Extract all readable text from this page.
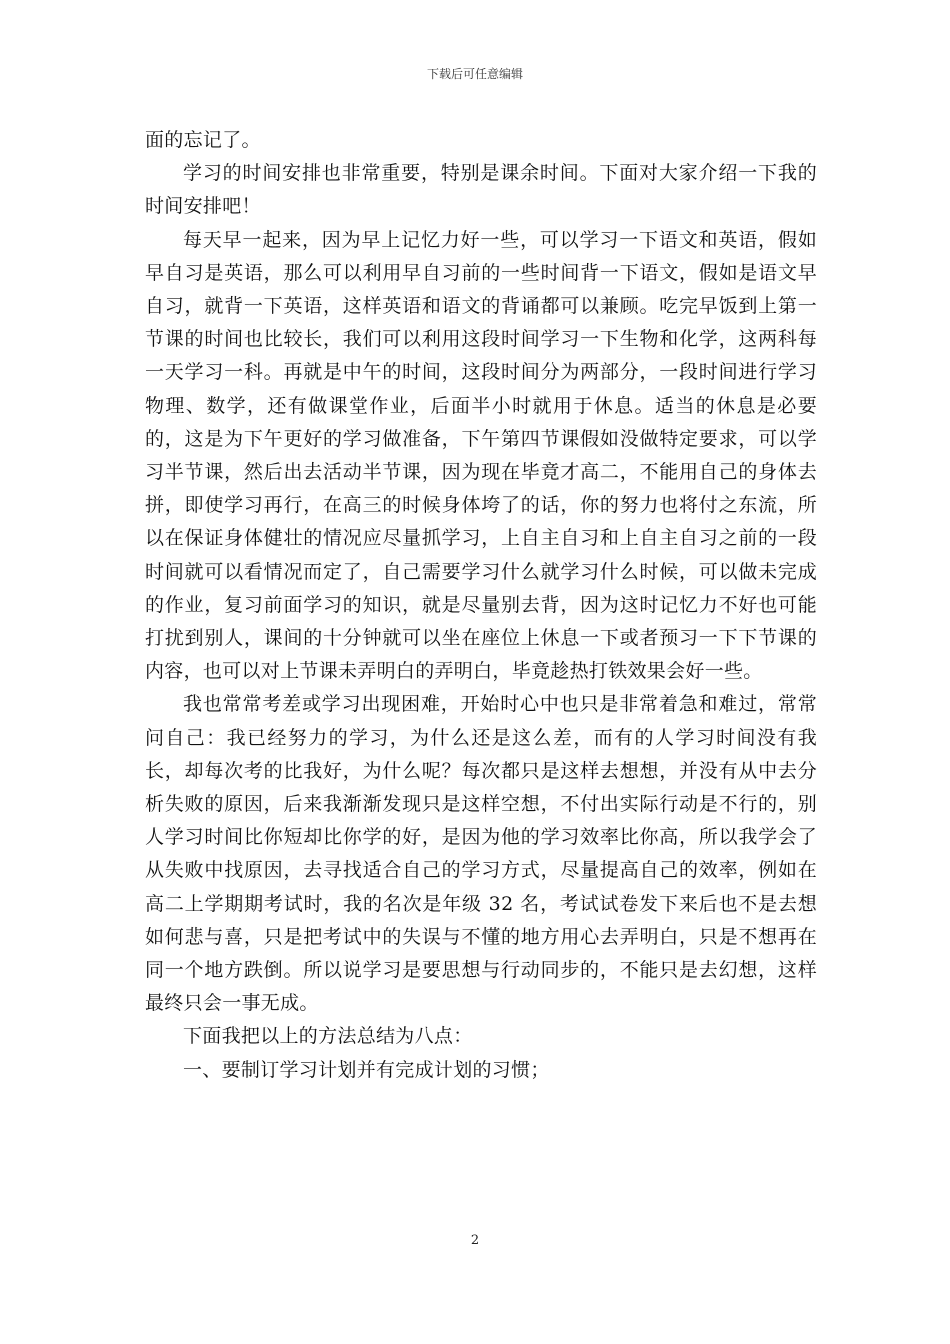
下载后可任意编辑

面的忘记了。

学习的时间安排也非常重要，特别是课余时间。下面对大家介绍一下我的时间安排吧！

每天早一起来，因为早上记忆力好一些，可以学习一下语文和英语，假如早自习是英语，那么可以利用早自习前的一些时间背一下语文，假如是语文早自习，就背一下英语，这样英语和语文的背诵都可以兼顾。吃完早饭到上第一节课的时间也比较长，我们可以利用这段时间学习一下生物和化学，这两科每一天学习一科。再就是中午的时间，这段时间分为两部分，一段时间进行学习物理、数学，还有做课堂作业，后面半小时就用于休息。适当的休息是必要的，这是为下午更好的学习做准备，下午第四节课假如没做特定要求，可以学习半节课，然后出去活动半节课，因为现在毕竟才高二，不能用自己的身体去拼，即使学习再行，在高三的时候身体垮了的话，你的努力也将付之东流，所以在保证身体健壮的情况应尽量抓学习，上自主自习和上自主自习之前的一段时间就可以看情况而定了，自己需要学习什么就学习什么时候，可以做未完成的作业，复习前面学习的知识，就是尽量别去背，因为这时记忆力不好也可能打扰到别人，课间的十分钟就可以坐在座位上休息一下或者预习一下下节课的内容，也可以对上节课未弄明白的弄明白，毕竟趁热打铁效果会好一些。

我也常常考差或学习出现困难，开始时心中也只是非常着急和难过，常常问自己：我已经努力的学习，为什么还是这么差，而有的人学习时间没有我长，却每次考的比我好，为什么呢？每次都只是这样去想想，并没有从中去分析失败的原因，后来我渐渐发现只是这样空想，不付出实际行动是不行的，别人学习时间比你短却比你学的好，是因为他的学习效率比你高，所以我学会了从失败中找原因，去寻找适合自己的学习方式，尽量提高自己的效率，例如在高二上学期期考试时，我的名次是年级 32 名，考试试卷发下来后也不是去想如何悲与喜，只是把考试中的失误与不懂的地方用心去弄明白，只是不想再在同一个地方跌倒。所以说学习是要思想与行动同步的，不能只是去幻想，这样最终只会一事无成。

下面我把以上的方法总结为八点：

一、要制订学习计划并有完成计划的习惯；

2
